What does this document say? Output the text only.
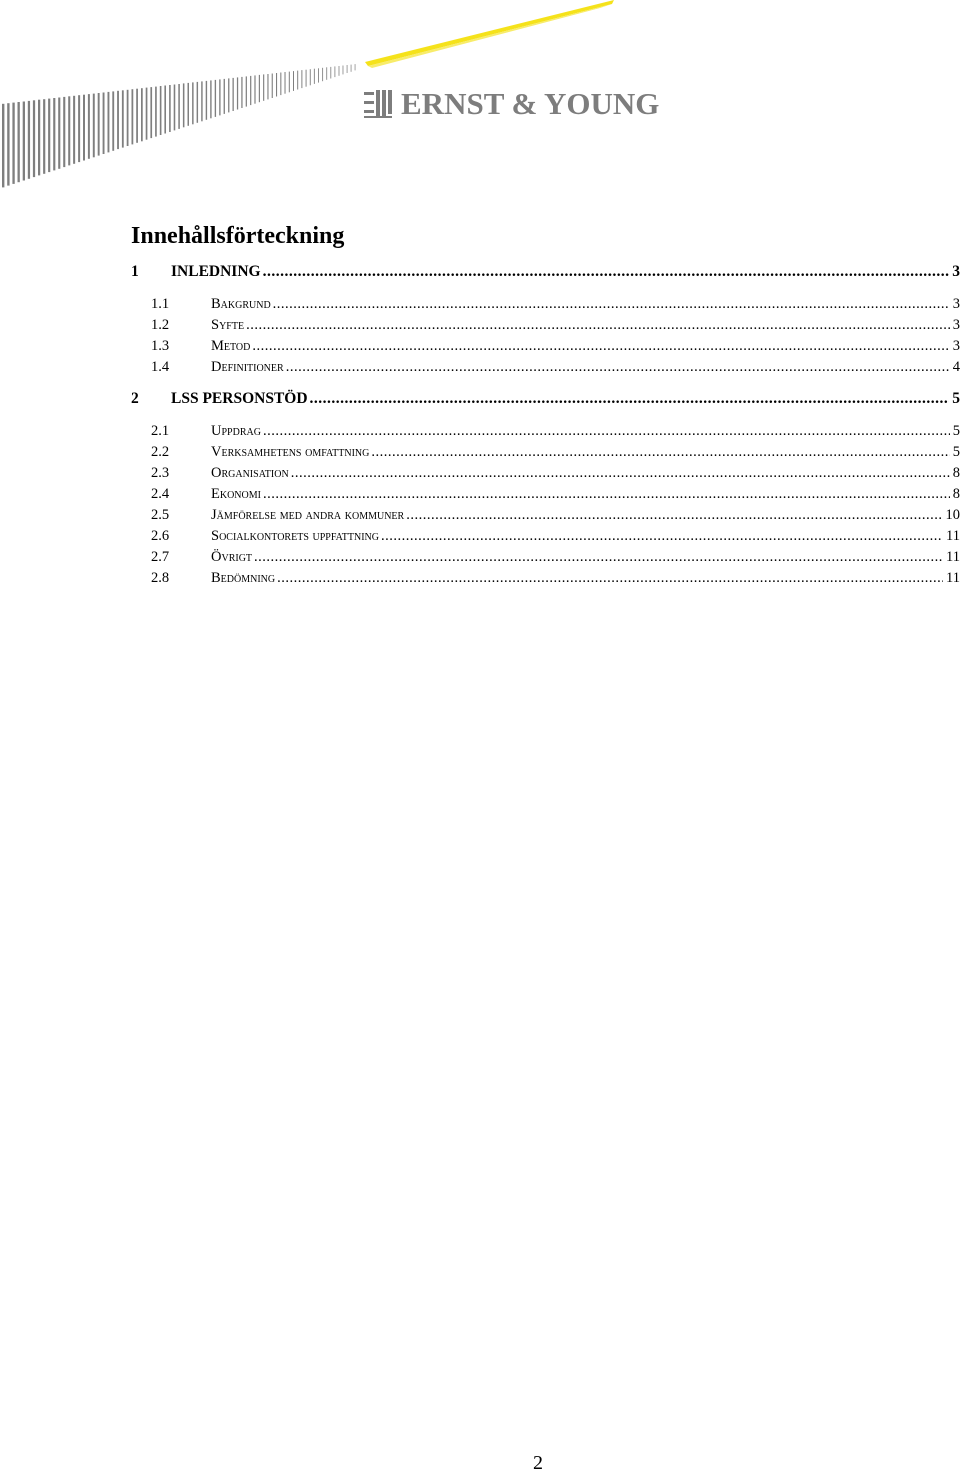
ERNST & YOUNG
Innehållsförteckning
1	INLEDNING .....	3
1.1	Bakgrund .....	3
1.2	Syfte .....	3
1.3	Metod .....	3
1.4	Definitioner .....	4
2	LSS PERSONSTÖD .....	5
2.1	Uppdrag .....	5
2.2	Verksamhetens omfattning .....	5
2.3	Organisation .....	8
2.4	Ekonomi .....	8
2.5	Jämförelse med andra kommuner .....	10
2.6	Socialkontorets uppfattning .....	11
2.7	Övrigt .....	11
2.8	Bedömning .....	11
2
